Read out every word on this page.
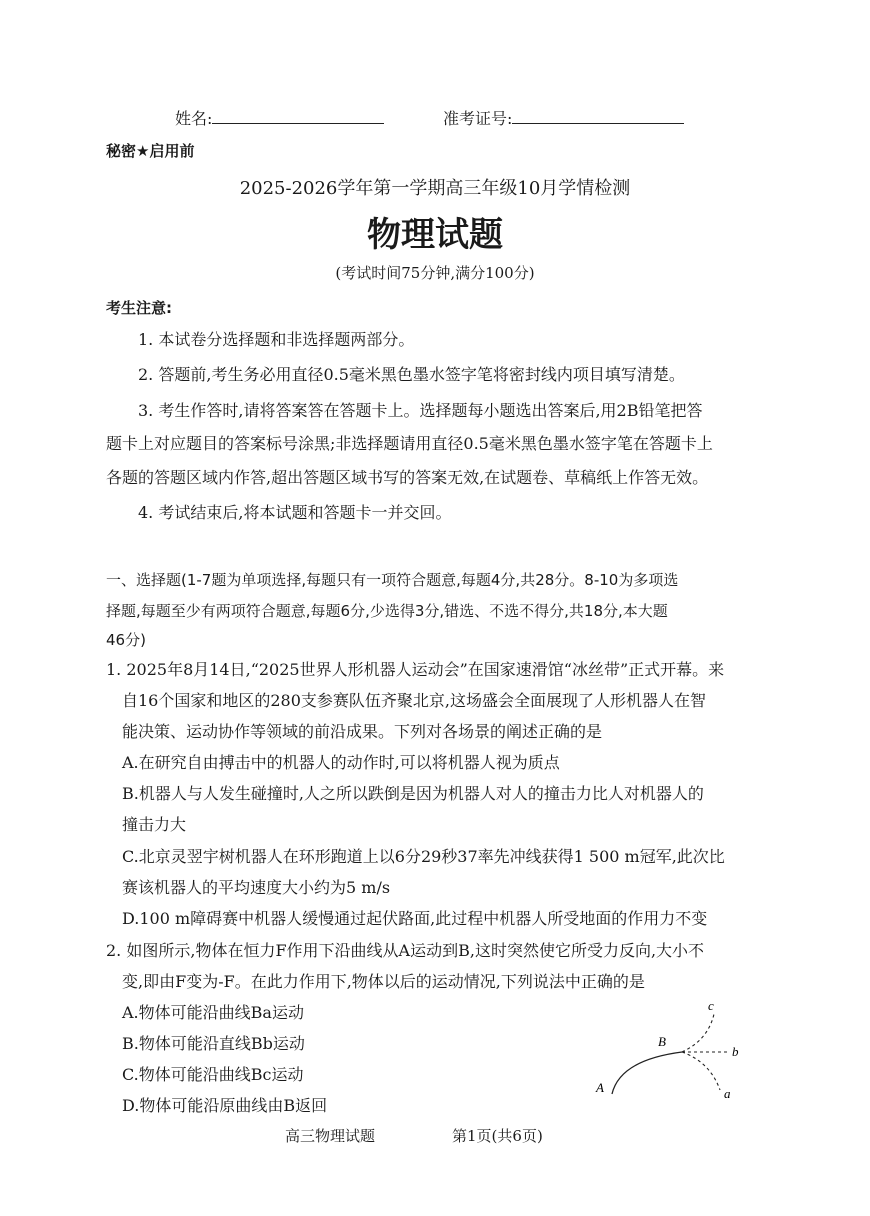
姓名:	准考证号:
秘密★启用前
2025-2026学年第一学期高三年级10月学情检测
物理试题
(考试时间75分钟,满分100分)
考生注意:
1. 本试卷分选择题和非选择题两部分。
2. 答题前,考生务必用直径0.5毫米黑色墨水签字笔将密封线内项目填写清楚。
3. 考生作答时,请将答案答在答题卡上。选择题每小题选出答案后,用2B铅笔把答
题卡上对应题目的答案标号涂黑;非选择题请用直径0.5毫米黑色墨水签字笔在答题卡上
各题的答题区域内作答,超出答题区域书写的答案无效,在试题卷、草稿纸上作答无效。
4. 考试结束后,将本试题和答题卡一并交回。
一、选择题(1-7题为单项选择,每题只有一项符合题意,每题4分,共28分。8-10为多项选
择题,每题至少有两项符合题意,每题6分,少选得3分,错选、不选不得分,共18分,本大题
46分)
1. 2025年8月14日,“2025世界人形机器人运动会”在国家速滑馆“冰丝带”正式开幕。来
自16个国家和地区的280支参赛队伍齐聚北京,这场盛会全面展现了人形机器人在智
能决策、运动协作等领域的前沿成果。下列对各场景的阐述正确的是
A.在研究自由搏击中的机器人的动作时,可以将机器人视为质点
B.机器人与人发生碰撞时,人之所以跌倒是因为机器人对人的撞击力比人对机器人的
撞击力大
C.北京灵翌宇树机器人在环形跑道上以6分29秒37率先冲线获得1 500 m冠军,此次比
赛该机器人的平均速度大小约为5 m/s
D.100 m障碍赛中机器人缓慢通过起伏路面,此过程中机器人所受地面的作用力不变
2. 如图所示,物体在恒力F作用下沿曲线从A运动到B,这时突然使它所受力反向,大小不
变,即由F变为-F。在此力作用下,物体以后的运动情况,下列说法中正确的是
A.物体可能沿曲线Ba运动
B.物体可能沿直线Bb运动
C.物体可能沿曲线Bc运动
D.物体可能沿原曲线由B返回
A
B
a
b
c
高三物理试题	第1页(共6页)
